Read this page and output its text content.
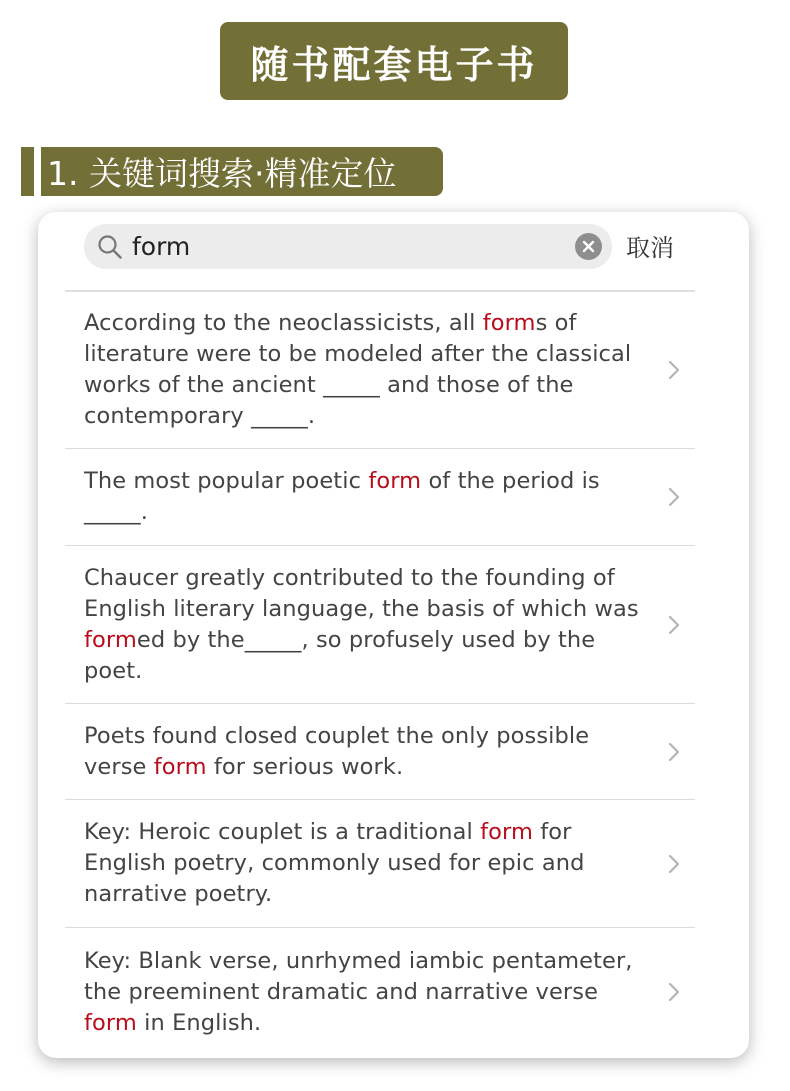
随书配套电子书
1. 关键词搜索·精准定位
form
取消
According to the neoclassicists, all forms of literature were to be modeled after the classical works of the ancient _____ and those of the contemporary _____.
The most popular poetic form of the period is _____.
Chaucer greatly contributed to the founding of English literary language, the basis of which was formed by the_____, so profusely used by the poet.
Poets found closed couplet the only possible verse form for serious work.
Key: Heroic couplet is a traditional form for English poetry, commonly used for epic and narrative poetry.
Key: Blank verse, unrhymed iambic pentameter, the preeminent dramatic and narrative verse form in English.
